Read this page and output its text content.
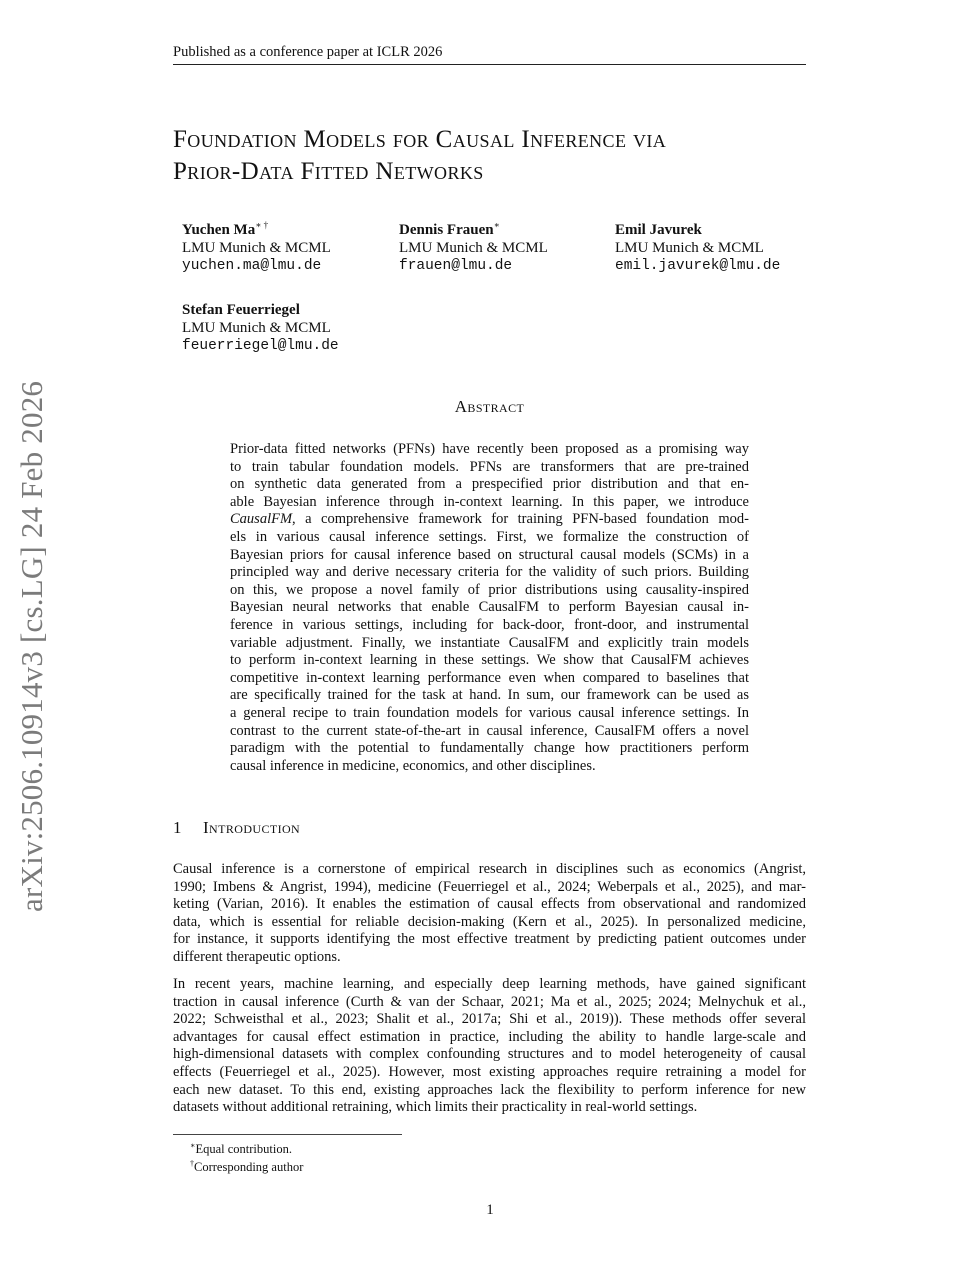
Published as a conference paper at ICLR 2026
arXiv:2506.10914v3 [cs.LG] 24 Feb 2026
Foundation Models for Causal Inference via
Prior-Data Fitted Networks
Yuchen Ma∗ †
LMU Munich & MCML
yuchen.ma@lmu.de
Dennis Frauen∗
LMU Munich & MCML
frauen@lmu.de
Emil Javurek
LMU Munich & MCML
emil.javurek@lmu.de
Stefan Feuerriegel
LMU Munich & MCML
feuerriegel@lmu.de
Abstract
Prior-data fitted networks (PFNs) have recently been proposed as a promising way
to train tabular foundation models. PFNs are transformers that are pre-trained
on synthetic data generated from a prespecified prior distribution and that en-
able Bayesian inference through in-context learning. In this paper, we introduce
CausalFM, a comprehensive framework for training PFN-based foundation mod-
els in various causal inference settings. First, we formalize the construction of
Bayesian priors for causal inference based on structural causal models (SCMs) in a
principled way and derive necessary criteria for the validity of such priors. Building
on this, we propose a novel family of prior distributions using causality-inspired
Bayesian neural networks that enable CausalFM to perform Bayesian causal in-
ference in various settings, including for back-door, front-door, and instrumental
variable adjustment. Finally, we instantiate CausalFM and explicitly train models
to perform in-context learning in these settings. We show that CausalFM achieves
competitive in-context learning performance even when compared to baselines that
are specifically trained for the task at hand. In sum, our framework can be used as
a general recipe to train foundation models for various causal inference settings. In
contrast to the current state-of-the-art in causal inference, CausalFM offers a novel
paradigm with the potential to fundamentally change how practitioners perform
causal inference in medicine, economics, and other disciplines.
1 Introduction
Causal inference is a cornerstone of empirical research in disciplines such as economics (Angrist,
1990; Imbens & Angrist, 1994), medicine (Feuerriegel et al., 2024; Weberpals et al., 2025), and mar-
keting (Varian, 2016). It enables the estimation of causal effects from observational and randomized
data, which is essential for reliable decision-making (Kern et al., 2025). In personalized medicine,
for instance, it supports identifying the most effective treatment by predicting patient outcomes under
different therapeutic options.
In recent years, machine learning, and especially deep learning methods, have gained significant
traction in causal inference (Curth & van der Schaar, 2021; Ma et al., 2025; 2024; Melnychuk et al.,
2022; Schweisthal et al., 2023; Shalit et al., 2017a; Shi et al., 2019)). These methods offer several
advantages for causal effect estimation in practice, including the ability to handle large-scale and
high-dimensional datasets with complex confounding structures and to model heterogeneity of causal
effects (Feuerriegel et al., 2025). However, most existing approaches require retraining a model for
each new dataset. To this end, existing approaches lack the flexibility to perform inference for new
datasets without additional retraining, which limits their practicality in real-world settings.
∗Equal contribution.
†Corresponding author
1
